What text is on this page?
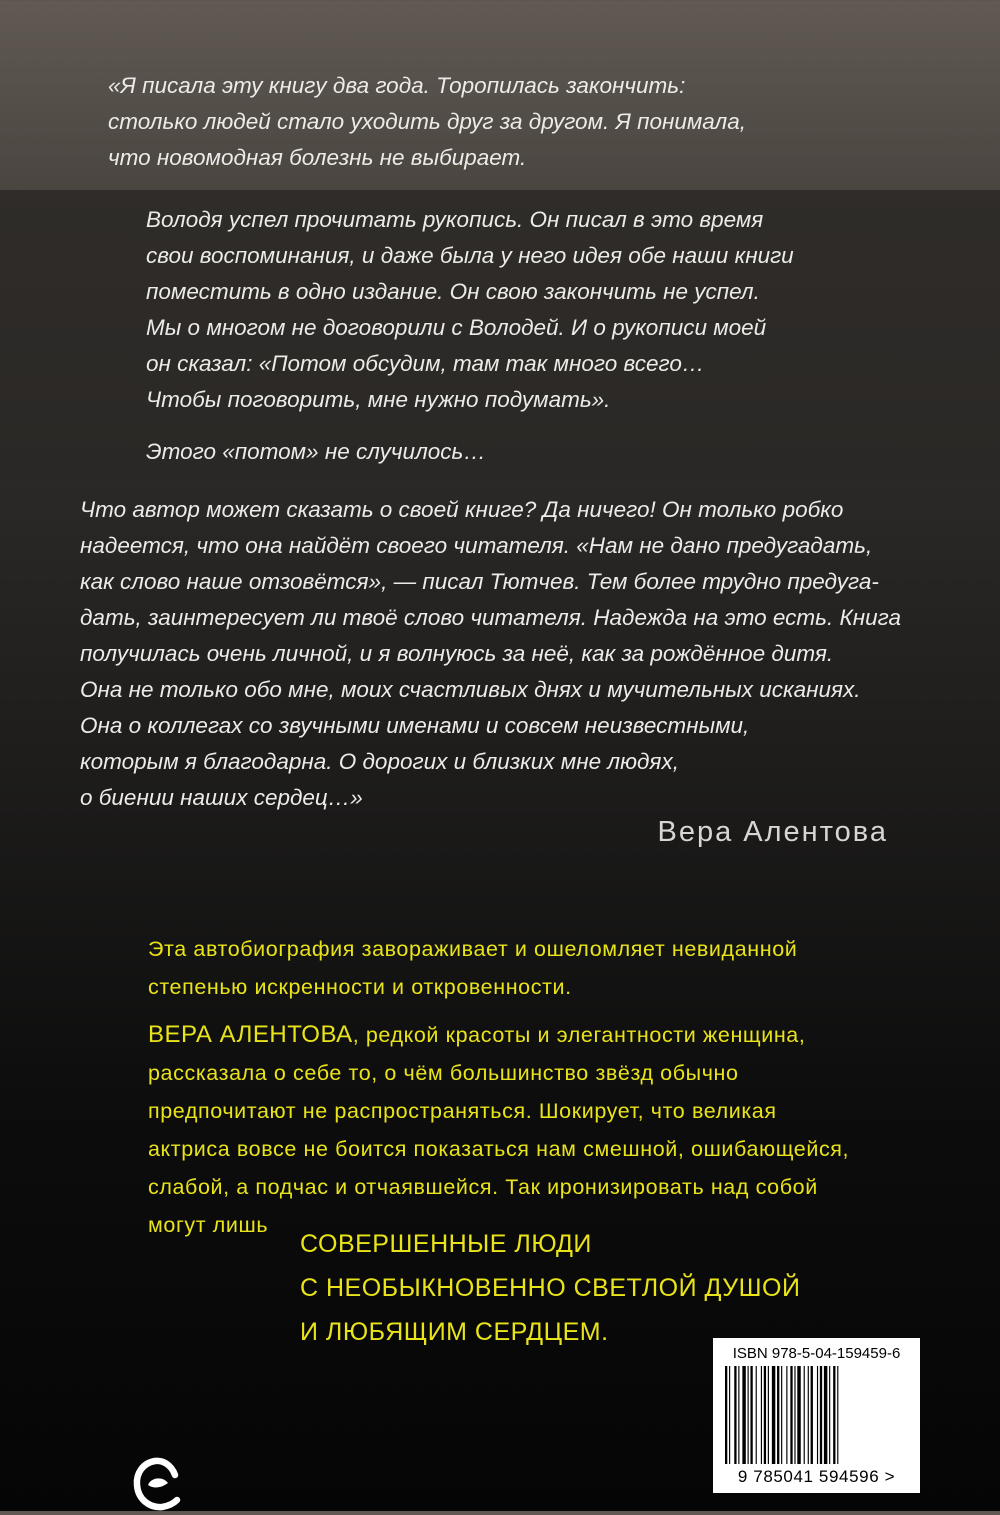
«Я писала эту книгу два года. Торопилась закончить:
столько людей стало уходить друг за другом. Я понимала,
что новомодная болезнь не выбирает.
Володя успел прочитать рукопись. Он писал в это время
свои воспоминания, и даже была у него идея обе наши книги
поместить в одно издание. Он свою закончить не успел.
Мы о многом не договорили с Володей. И о рукописи моей
он сказал: «Потом обсудим, там так много всего…
Чтобы поговорить, мне нужно подумать».
Этого «потом» не случилось…
Что автор может сказать о своей книге? Да ничего! Он только робко
надеется, что она найдёт своего читателя. «Нам не дано предугадать,
как слово наше отзовётся», — писал Тютчев. Тем более трудно предуга-
дать, заинтересует ли твоё слово читателя. Надежда на это есть. Книга
получилась очень личной, и я волнуюсь за неё, как за рождённое дитя.
Она не только обо мне, моих счастливых днях и мучительных исканиях.
Она о коллегах со звучными именами и совсем неизвестными,
которым я благодарна. О дорогих и близких мне людях,
о биении наших сердец…»
Вера Алентова
Эта автобиография завораживает и ошеломляет невиданной
степенью искренности и откровенности.
ВЕРА АЛЕНТОВА, редкой красоты и элегантности женщина,
рассказала о себе то, о чём большинство звёзд обычно
предпочитают не распространяться. Шокирует, что великая
актриса вовсе не боится показаться нам смешной, ошибающейся,
слабой, а подчас и отчаявшейся. Так иронизировать над собой
могут лишь
СОВЕРШЕННЫЕ ЛЮДИ
С НЕОБЫКНОВЕННО СВЕТЛОЙ ДУШОЙ
И ЛЮБЯЩИМ СЕРДЦЕМ.
ISBN 978-5-04-159459-6
9 785041 594596 >
